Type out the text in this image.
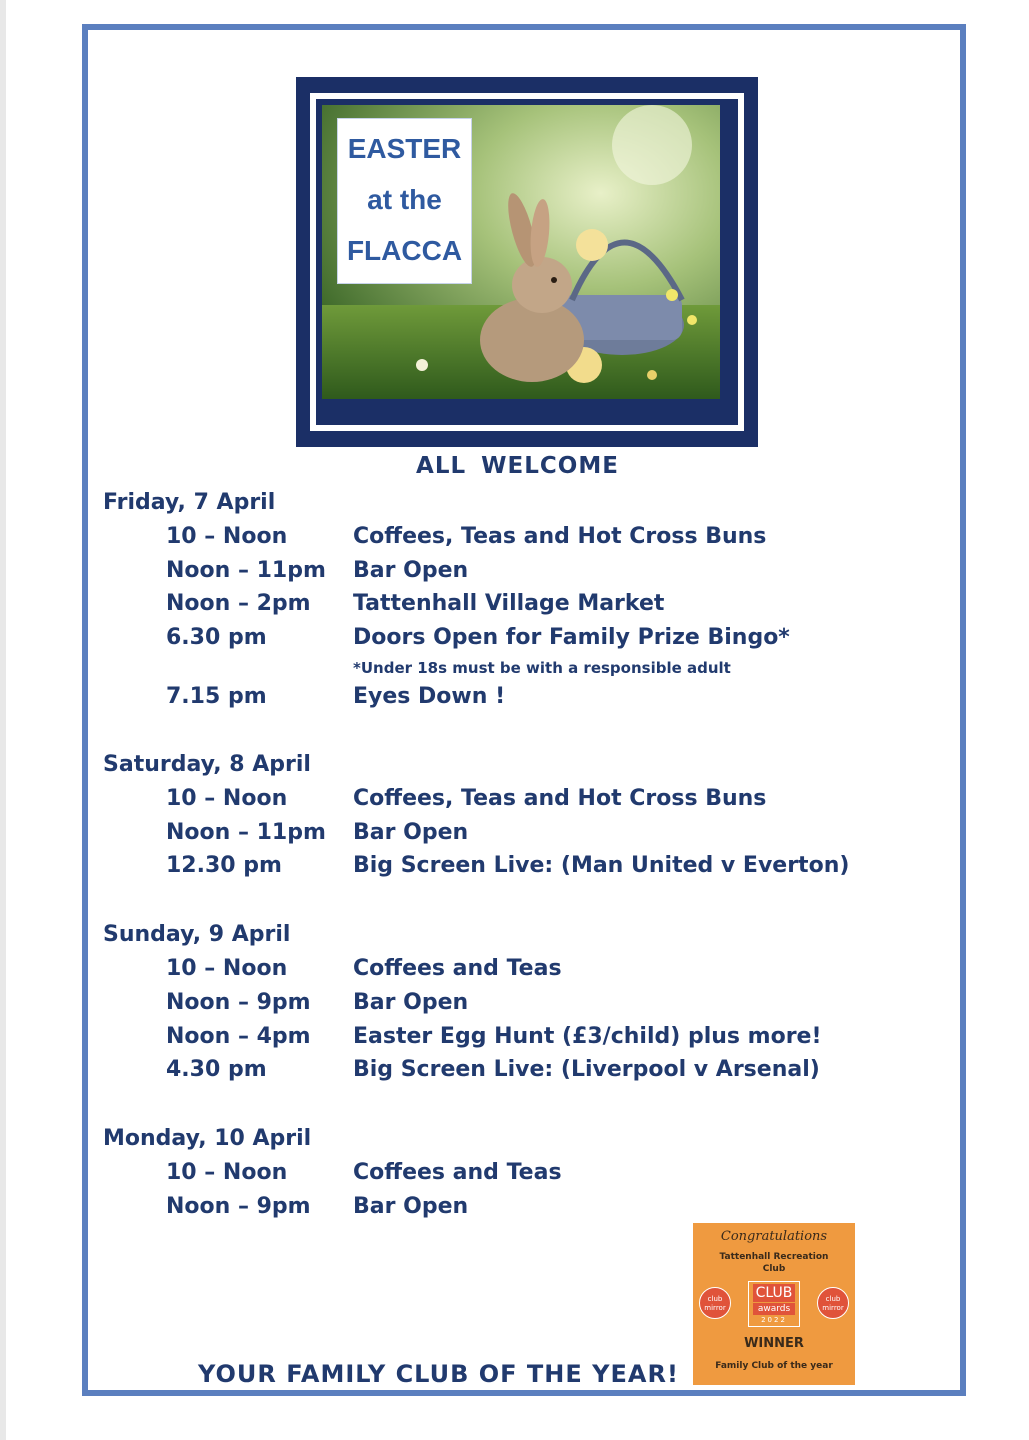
EASTER
at the
FLACCA
ALL WELCOME
Friday, 7 April
10 – Noon	Coffees, Teas and Hot Cross Buns
Noon – 11pm Bar Open
Noon – 2pm Tattenhall Village Market
6.30 pm	Doors Open for Family Prize Bingo*
*Under 18s must be with a responsible adult
7.15 pm	Eyes Down !
Saturday, 8 April
10 – Noon	Coffees, Teas and Hot Cross Buns
Noon – 11pm Bar Open
12.30 pm	Big Screen Live: (Man United v Everton)
Sunday, 9 April
10 – Noon	Coffees and Teas
Noon – 9pm Bar Open
Noon – 4pm Easter Egg Hunt (£3/child) plus more!
4.30 pm	Big Screen Live: (Liverpool v Arsenal)
Monday, 10 April
10 – Noon	Coffees and Teas
Noon – 9pm Bar Open
Congratulations
Tattenhall Recreation
Club
club
mirror
CLUB
awards
2022
club
mirror
WINNER
Family Club of the year
YOUR FAMILY CLUB OF THE YEAR!
